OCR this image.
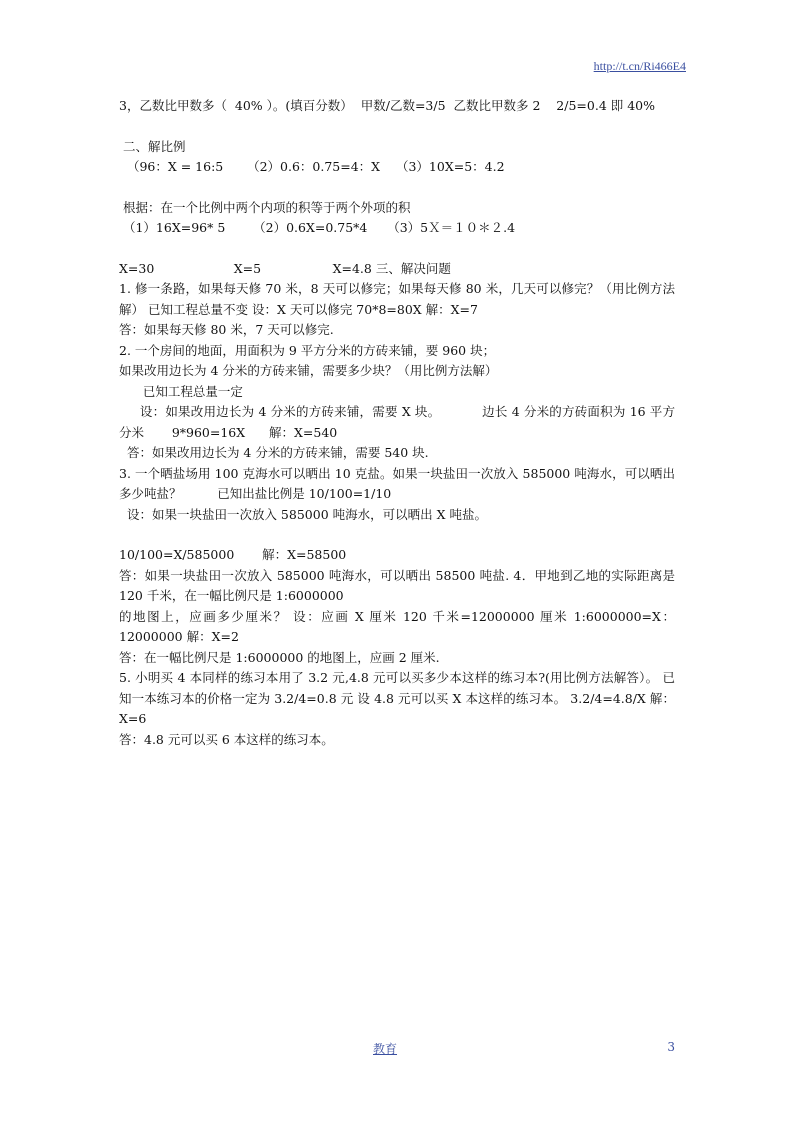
http://t.cn/Ri466E4

3，乙数比甲数多（  40% ）。(填百分数）  甲数/乙数=3/5  乙数比甲数多 2    2/5=0.4 即 40%

二、解比例

（96：X = 16:5      （2）0.6：0.75=4：X    （3）10X=5：4.2

根据：在一个比例中两个内项的积等于两个外项的积

（1）16X=96* 5       （2）0.6X=0.75*4     （3）5Ｘ＝１０＊２.4

X=30                    X=5                  X=4.8 三、解决问题

1. 修一条路，如果每天修 70 米，8 天可以修完；如果每天修 80 米，几天可以修完？（用比例方法解） 已知工程总量不变 设：X 天可以修完 70*8=80X 解：X=7

答：如果每天修 80 米，7 天可以修完.

2. 一个房间的地面，用面积为 9 平方分米的方砖来铺，要 960 块；

如果改用边长为 4 分米的方砖来铺，需要多少块？（用比例方法解）

已知工程总量一定

设：如果改用边长为 4 分米的方砖来铺，需要 X 块。          边长 4 分米的方砖面积为 16 平方分米       9*960=16X      解：X=540

答：如果改用边长为 4 分米的方砖来铺，需要 540 块.

3. 一个晒盐场用 100 克海水可以晒出 10 克盐。如果一块盐田一次放入 585000 吨海水，可以晒出多少吨盐？         已知出盐比例是 10/100=1/10

设：如果一块盐田一次放入 585000 吨海水，可以晒出 X 吨盐。

10/100=X/585000       解：X=58500

答：如果一块盐田一次放入 585000 吨海水，可以晒出 58500 吨盐. 4．甲地到乙地的实际距离是 120 千米，在一幅比例尺是 1:6000000

的地图上，应画多少厘米？ 设：应画 X 厘米 120 千米=12000000 厘米 1:6000000=X：12000000 解：X=2

答：在一幅比例尺是 1:6000000 的地图上，应画 2 厘米.

5. 小明买 4 本同样的练习本用了 3.2 元,4.8 元可以买多少本这样的练习本?(用比例方法解答）。 已知一本练习本的价格一定为 3.2/4=0.8 元 设 4.8 元可以买 X 本这样的练习本。 3.2/4=4.8/X 解：X=6

答：4.8 元可以买 6 本这样的练习本。

教育	3
